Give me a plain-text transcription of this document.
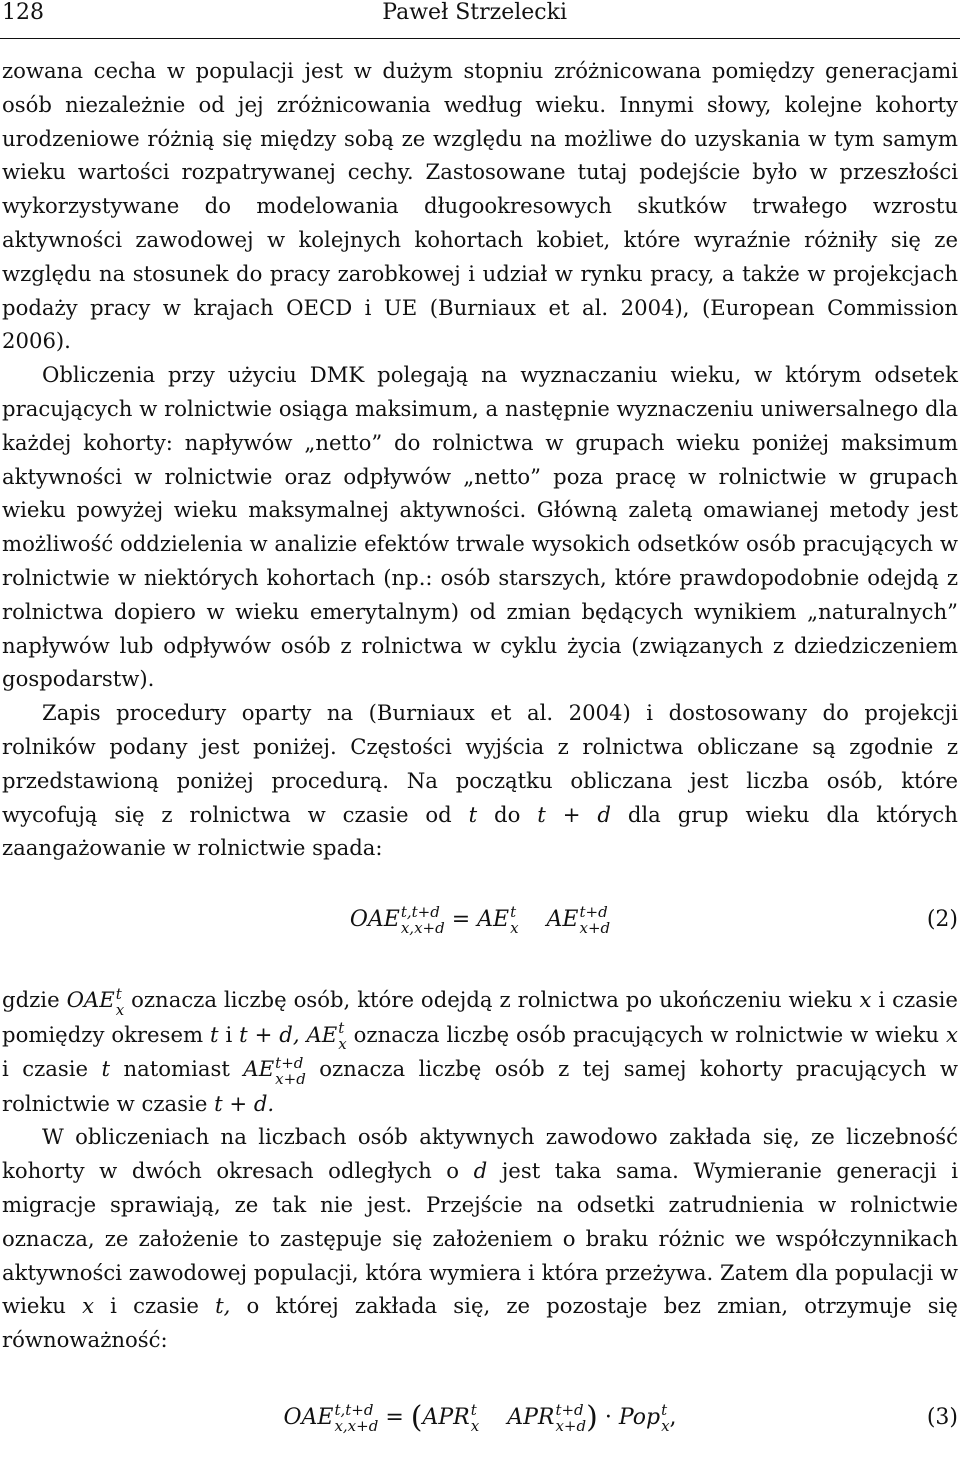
128	Paweł Strzelecki

zowana cecha w populacji jest w dużym stopniu zróżnicowana pomiędzy generacjami osób niezależnie od jej zróżnicowania według wieku. Innymi słowy, kolejne kohorty urodzeniowe różnią się między sobą ze względu na możliwe do uzyskania w tym samym wieku wartości rozpatrywanej cechy. Zastosowane tutaj podejście było w przeszłości wykorzystywane do modelowania długookresowych skutków trwałego wzrostu aktywności zawodowej w kolejnych kohortach kobiet, które wyraźnie różniły się ze względu na stosunek do pracy zarobkowej i udział w rynku pracy, a także w projekcjach podaży pracy w krajach OECD i UE (Burniaux et al. 2004), (European Commission 2006).

Obliczenia przy użyciu DMK polegają na wyznaczaniu wieku, w którym odsetek pracujących w rolnictwie osiąga maksimum, a następnie wyznaczeniu uniwersalnego dla każdej kohorty: napływów „netto” do rolnictwa w grupach wieku poniżej maksimum aktywności w rolnictwie oraz odpływów „netto” poza pracę w rolnictwie w grupach wieku powyżej wieku maksymalnej aktywności. Główną zaletą omawianej metody jest możliwość oddzielenia w analizie efektów trwale wysokich odsetków osób pracujących w rolnictwie w niektórych kohortach (np.: osób starszych, które prawdopodobnie odejdą z rolnictwa dopiero w wieku emerytalnym) od zmian będących wynikiem „naturalnych” napływów lub odpływów osób z rolnictwa w cyklu życia (związanych z dziedziczeniem gospodarstw).

Zapis procedury oparty na (Burniaux et al. 2004) i dostosowany do projekcji rolników podany jest poniżej. Częstości wyjścia z rolnictwa obliczane są zgodnie z przedstawioną poniżej procedurą. Na początku obliczana jest liczba osób, które wycofują się z rolnictwa w czasie od t do t + d dla grup wieku dla których zaangażowanie w rolnictwie spada:

OAE t,t+d
x,x+d = AE t
x AE t+d
x+d	(2)

gdzie OAE t
x oznacza liczbę osób, które odejdą z rolnictwa po ukończeniu wieku x i czasie pomiędzy okresem t i t + d, AE t
x oznacza liczbę osób pracujących w rolnictwie w wieku x i czasie t natomiast AE t+d
x+d oznacza liczbę osób z tej samej kohorty pracujących w rolnictwie w czasie t + d.

W obliczeniach na liczbach osób aktywnych zawodowo zakłada się, ze liczebność kohorty w dwóch okresach odległych o d jest taka sama. Wymieranie generacji i migracje sprawiają, ze tak nie jest. Przejście na odsetki zatrudnienia w rolnictwie oznacza, ze założenie to zastępuje się założeniem o braku różnic we współczynnikach aktywności zawodowej populacji, która wymiera i która przeżywa. Zatem dla populacji w wieku x i czasie t, o której zakłada się, ze pozostaje bez zmian, otrzymuje się równoważność:

OAE t,t+d
x,x+d = (APR t
x APR t+d
x+d ) · Pop t
x ,	(3)
